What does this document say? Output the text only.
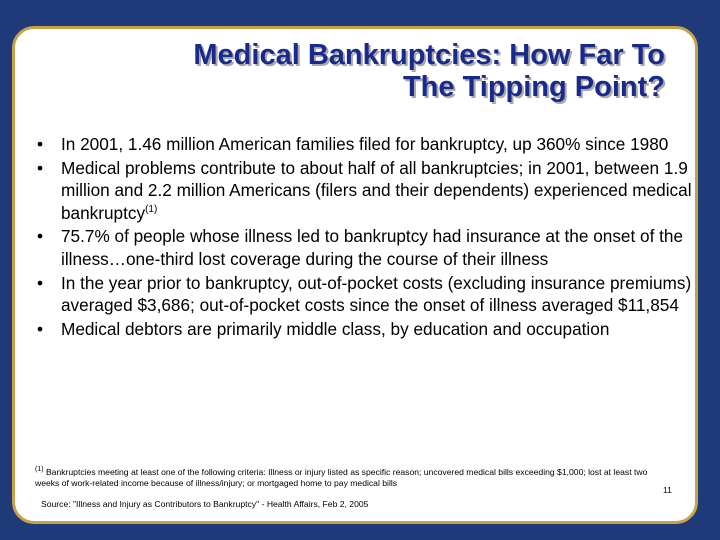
Medical Bankruptcies: How Far To
The Tipping Point?
• In 2001, 1.46 million American families filed for bankruptcy, up 360% since 1980
• Medical problems contribute to about half of all bankruptcies; in 2001, between 1.9 million and 2.2 million Americans (filers and their dependents) experienced medical bankruptcy$^{(1)}$
• 75.7% of people whose illness led to bankruptcy had insurance at the onset of the illness…one-third lost coverage during the course of their illness
• In the year prior to bankruptcy, out-of-pocket costs (excluding insurance premiums) averaged $3,686; out-of-pocket costs since the onset of illness averaged $11,854
• Medical debtors are primarily middle class, by education and occupation
$^{(1)}$ Bankruptcies meeting at least one of the following criteria: Illness or injury listed as specific reason; uncovered medical bills exceeding $1,000; lost at least two weeks of work-related income because of illness/injury; or mortgaged home to pay medical bills
11
Source: "Illness and Injury as Contributors to Bankruptcy" - Health Affairs, Feb 2, 2005
